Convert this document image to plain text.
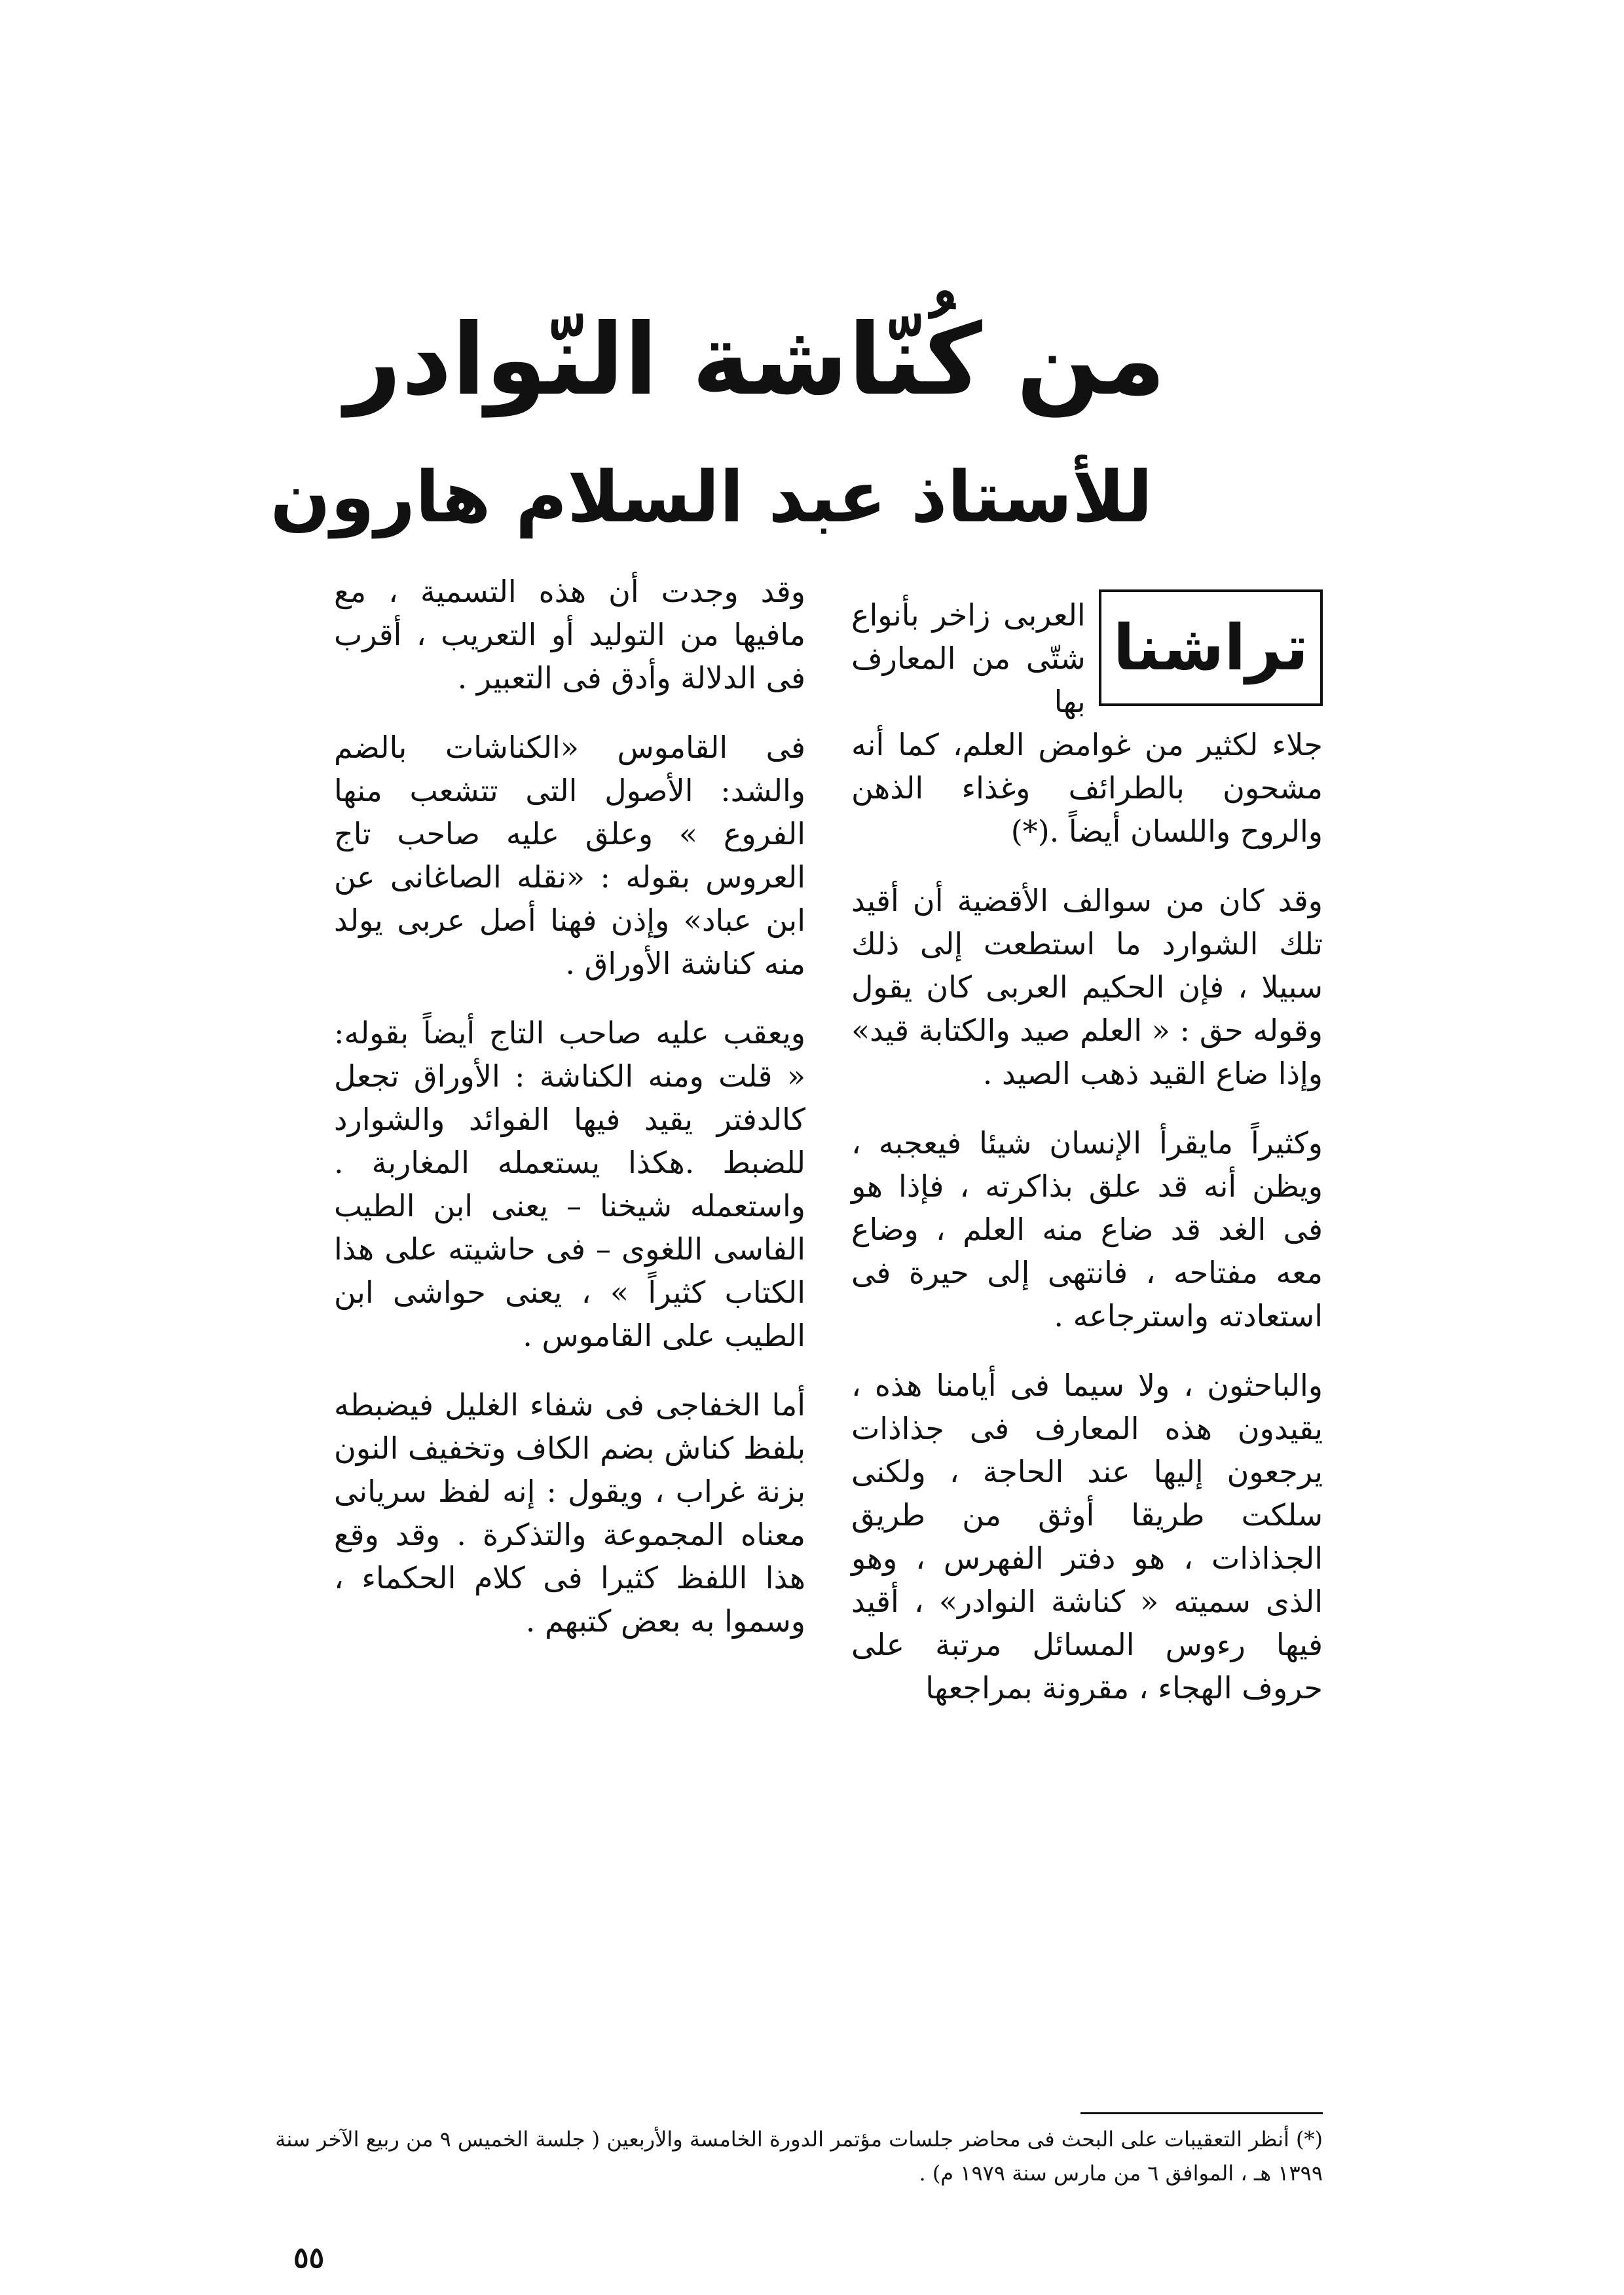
من كُنّاشة النّوادر
للأستاذ عبد السلام هارون
تراشنا
العربى زاخر بأنواع شتّى من المعارف بها

جلاء لكثير من غوامض العلم، كما أنه مشحون بالطرائف وغذاء الذهن والروح واللسان أيضاً .(*)

وقد كان من سوالف الأقضية أن أقيد تلك الشوارد ما استطعت إلى ذلك سبيلا ، فإن الحكيم العربى كان يقول وقوله حق : « العلم صيد والكتابة قيد» وإذا ضاع القيد ذهب الصيد .

وكثيراً مايقرأ الإنسان شيئا فيعجبه ، ويظن أنه قد علق بذاكرته ، فإذا هو فى الغد قد ضاع منه العلم ، وضاع معه مفتاحه ، فانتهى إلى حيرة فى استعادته واسترجاعه .

والباحثون ، ولا سيما فى أيامنا هذه ، يقيدون هذه المعارف فى جذاذات يرجعون إليها عند الحاجة ، ولكنى سلكت طريقا أوثق من طريق الجذاذات ، هو دفتر الفهرس ، وهو الذى سميته « كناشة النوادر» ، أقيد فيها رءوس المسائل مرتبة على حروف الهجاء ، مقرونة بمراجعها

وقد وجدت أن هذه التسمية ، مع مافيها من التوليد أو التعريب ، أقرب فى الدلالة وأدق فى التعبير .

فى القاموس «الكناشات بالضم والشد: الأصول التى تتشعب منها الفروع » وعلق عليه صاحب تاج العروس بقوله : «نقله الصاغانى عن ابن عباد» وإذن فهنا أصل عربى يولد منه كناشة الأوراق .

ويعقب عليه صاحب التاج أيضاً بقوله: « قلت ومنه الكناشة : الأوراق تجعل كالدفتر يقيد فيها الفوائد والشوارد للضبط .هكذا يستعمله المغاربة . واستعمله شيخنا – يعنى ابن الطيب الفاسى اللغوى – فى حاشيته على هذا الكتاب كثيراً » ، يعنى حواشى ابن الطيب على القاموس .

أما الخفاجى فى شفاء الغليل فيضبطه بلفظ كناش بضم الكاف وتخفيف النون بزنة غراب ، ويقول : إنه لفظ سريانى معناه المجموعة والتذكرة . وقد وقع هذا اللفظ كثيرا فى كلام الحكماء ، وسموا به بعض كتبهم .

(*) أنظر التعقيبات على البحث فى محاضر جلسات مؤتمر الدورة الخامسة والأربعين ( جلسة الخميس ٩ من ربيع الآخر سنة ١٣٩٩ هـ ، الموافق ٦ من مارس سنة ١٩٧٩ م) .
٥٥
